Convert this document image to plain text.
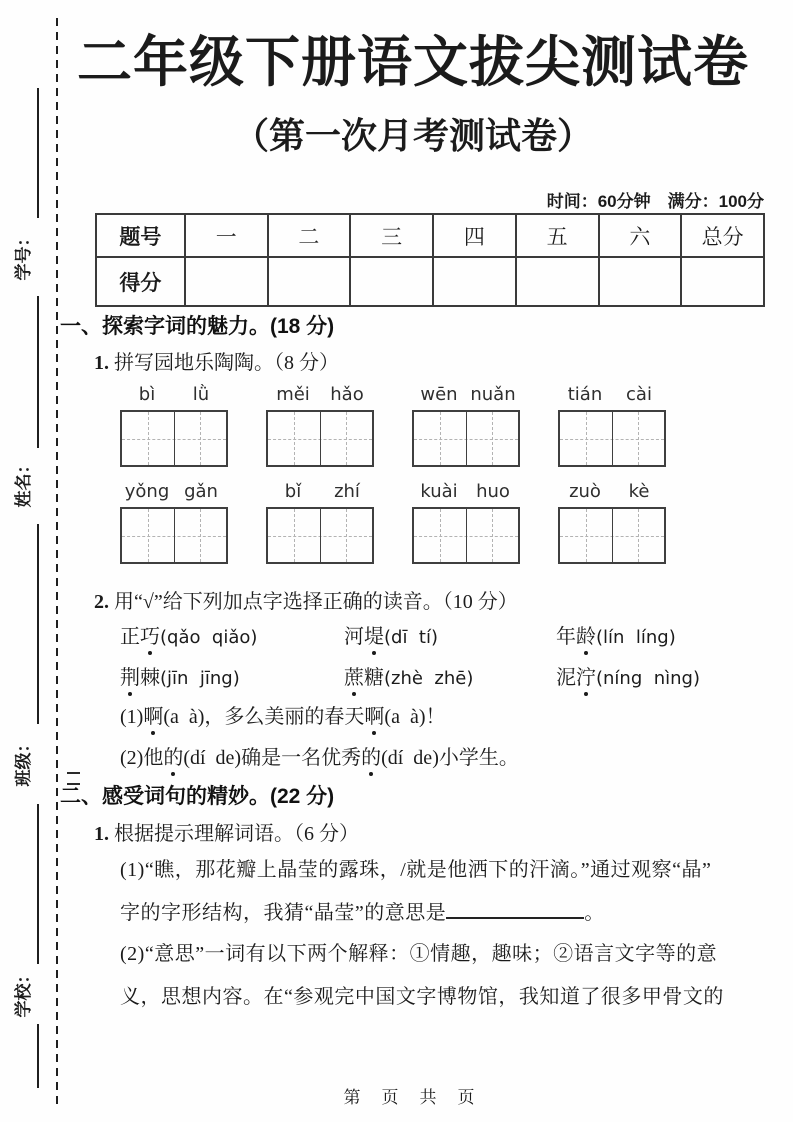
学号：
姓名：
班级：
学校：
二年级下册语文拔尖测试卷
（第一次月考测试卷）
时间：60分钟　满分：100分
题号	一	二	三	四	五	六	总分
得分							
一、探索字词的魅力。(18 分)
1. 拼写园地乐陶陶。（8 分）
bì	lǜ	měi	hǎo	wēn nuǎn	tián	cài
yǒng gǎn	bǐ	zhí	kuài	huo	zuò	kè
2. 用“√”给下列加点字选择正确的读音。（10 分）
正巧(qǎo  qiǎo)	河堤(dī  tí)	年龄(lín  líng)
荆棘(jīn  jīng)	蔗糖(zhè  zhē)	泥泞(níng  nìng)
(1)啊(a  à)，多么美丽的春天啊(a  à)！
(2)他的(dí  de)确是一名优秀的(dí  de)小学生。
二、感受词句的精妙。(22 分)
1. 根据提示理解词语。（6 分）
(1)“瞧，那花瓣上晶莹的露珠，/就是他洒下的汗滴。”通过观察“晶”
字的字形结构，我猜“晶莹”的意思是	。
(2)“意思”一词有以下两个解释：①情趣，趣味；②语言文字等的意
义，思想内容。在“参观完中国文字博物馆，我知道了很多甲骨文的
第　页　共　页
